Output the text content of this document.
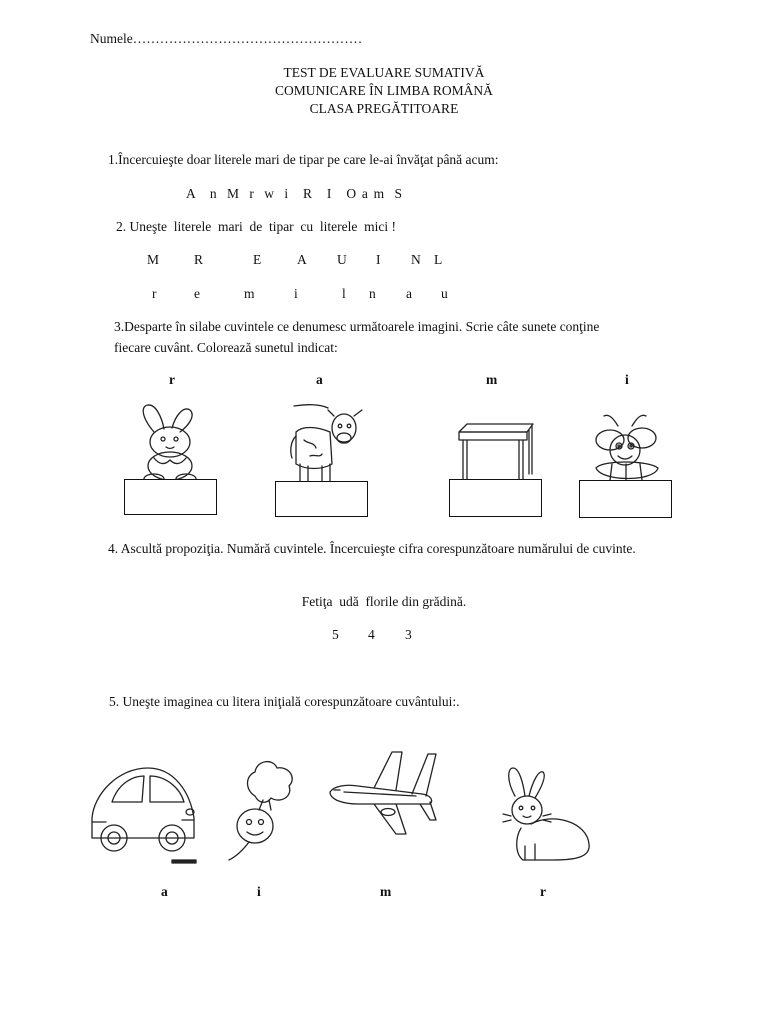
Numele……………………………………………
TEST DE EVALUARE SUMATIVĂ
COMUNICARE ÎN LIMBA ROMÂNĂ
CLASA PREGĂTITOARE
1.Încercuieşte doar literele mari de tipar pe care le-ai învăţat până acum:
A   n  M  r  w  i   R   I   O a m  S
2. Uneşte  literele  mari  de  tipar  cu  literele  mici !
M	R	E	A U I N L
r	e	m	i	l n a u
3.Desparte în silabe cuvintele ce denumesc următoarele imagini. Scrie câte sunete conţine
fiecare cuvânt. Colorează sunetul indicat:
r	a	m	i
4. Ascultă propoziţia. Numără cuvintele. Încercuieşte cifra corespunzătoare numărului de cuvinte.
Fetiţa  udă  florile din grădină.
5 4 3
5. Uneşte imaginea cu litera iniţială corespunzătoare cuvântului:.
a	i	m	r
